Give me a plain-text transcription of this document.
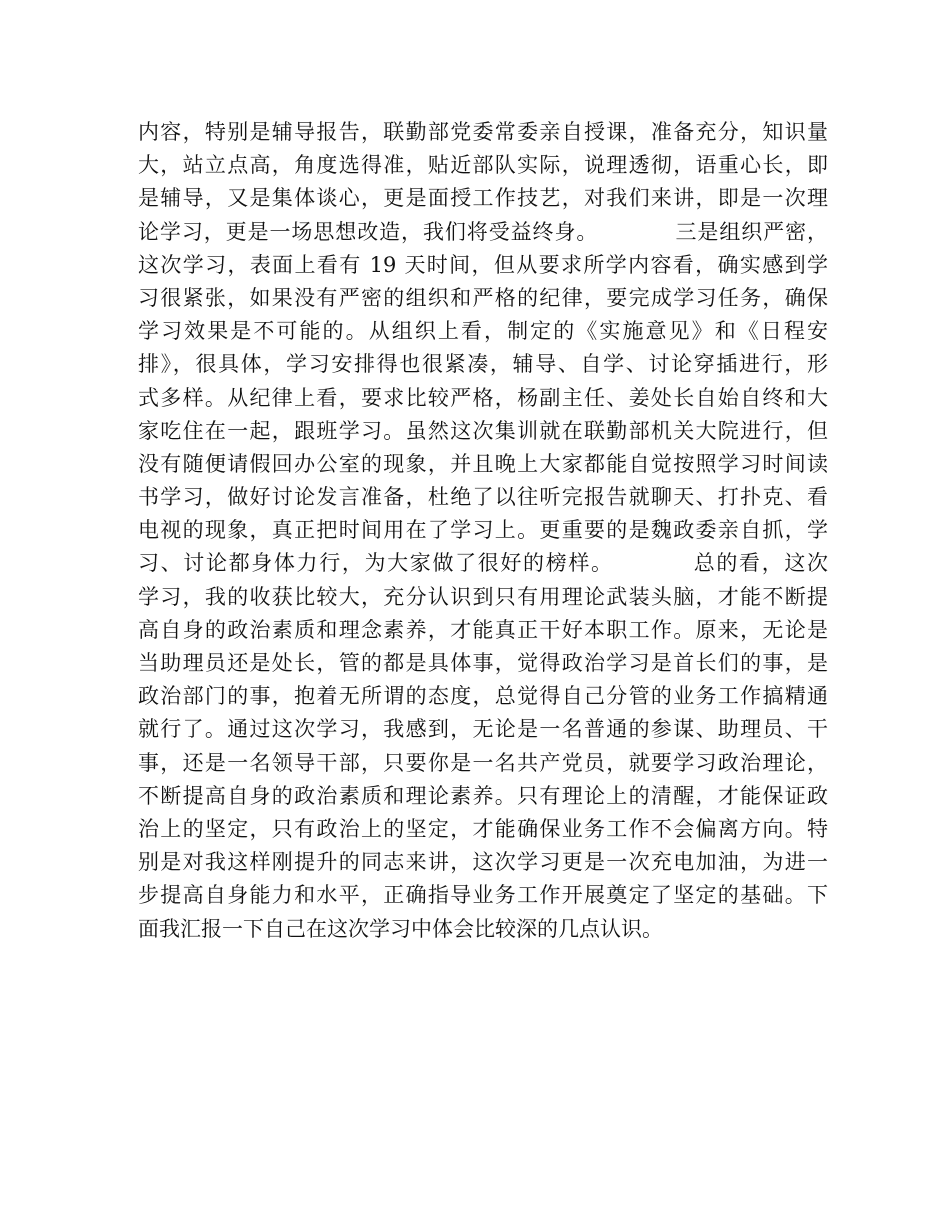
内容，特别是辅导报告，联勤部党委常委亲自授课，准备充分，知识量
大，站立点高，角度选得准，贴近部队实际，说理透彻，语重心长，即
是辅导，又是集体谈心，更是面授工作技艺，对我们来讲，即是一次理
论学习，更是一场思想改造，我们将受益终身。　　　　三是组织严密，
这次学习，表面上看有 19 天时间，但从要求所学内容看，确实感到学
习很紧张，如果没有严密的组织和严格的纪律，要完成学习任务，确保
学习效果是不可能的。从组织上看，制定的《实施意见》和《日程安
排》，很具体，学习安排得也很紧凑，辅导、自学、讨论穿插进行，形
式多样。从纪律上看，要求比较严格，杨副主任、姜处长自始自终和大
家吃住在一起，跟班学习。虽然这次集训就在联勤部机关大院进行，但
没有随便请假回办公室的现象，并且晚上大家都能自觉按照学习时间读
书学习，做好讨论发言准备，杜绝了以往听完报告就聊天、打扑克、看
电视的现象，真正把时间用在了学习上。更重要的是魏政委亲自抓，学
习、讨论都身体力行，为大家做了很好的榜样。　　　　总的看，这次
学习，我的收获比较大，充分认识到只有用理论武装头脑，才能不断提
高自身的政治素质和理念素养，才能真正干好本职工作。原来，无论是
当助理员还是处长，管的都是具体事，觉得政治学习是首长们的事，是
政治部门的事，抱着无所谓的态度，总觉得自己分管的业务工作搞精通
就行了。通过这次学习，我感到，无论是一名普通的参谋、助理员、干
事，还是一名领导干部，只要你是一名共产党员，就要学习政治理论，
不断提高自身的政治素质和理论素养。只有理论上的清醒，才能保证政
治上的坚定，只有政治上的坚定，才能确保业务工作不会偏离方向。特
别是对我这样刚提升的同志来讲，这次学习更是一次充电加油，为进一
步提高自身能力和水平，正确指导业务工作开展奠定了坚定的基础。下
面我汇报一下自己在这次学习中体会比较深的几点认识。
